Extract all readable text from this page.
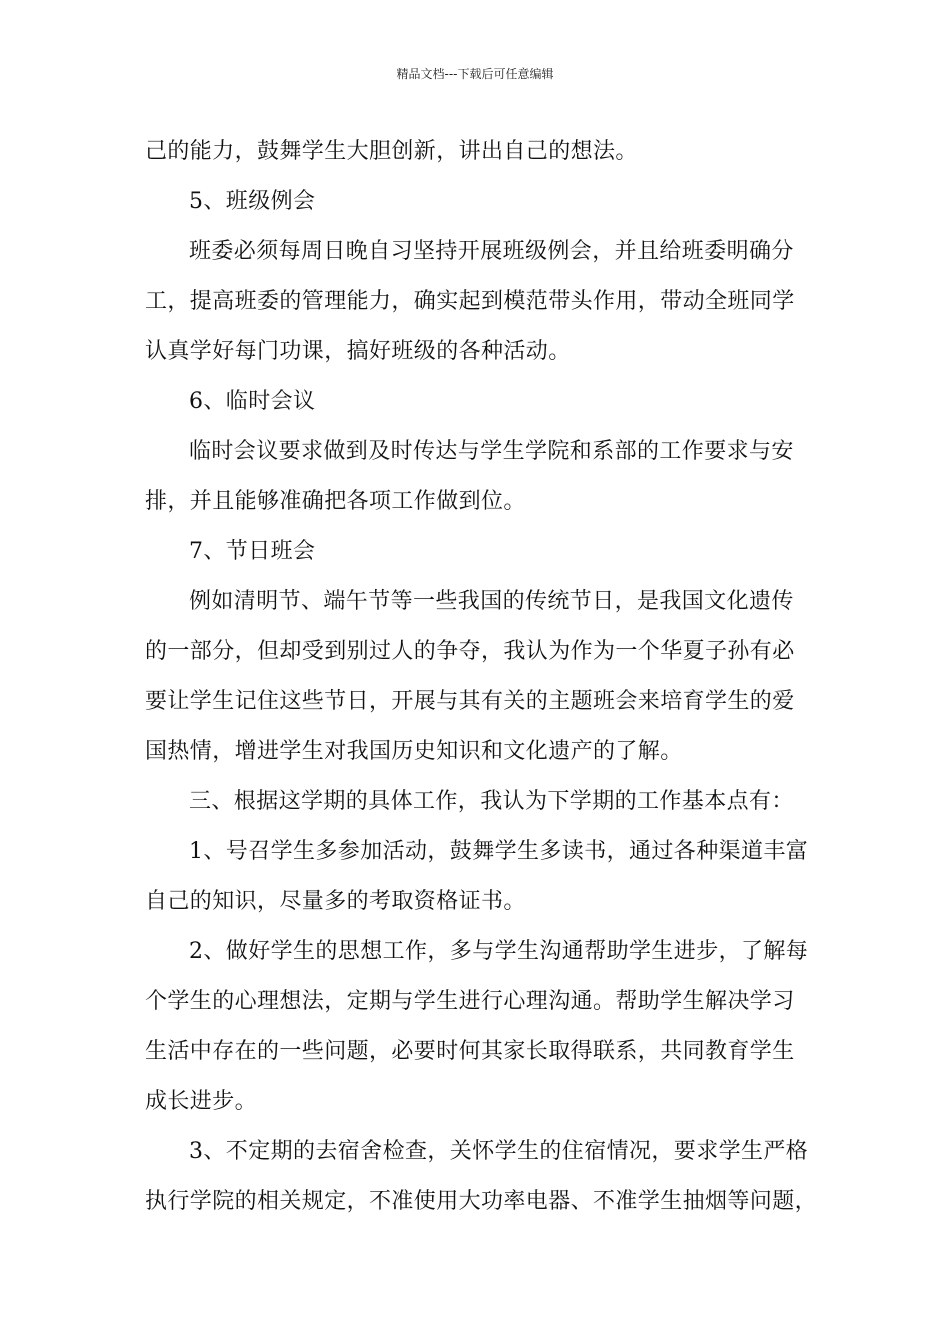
精品文档---下载后可任意编辑
己的能力，鼓舞学生大胆创新，讲出自己的想法。
5、班级例会
班委必须每周日晚自习坚持开展班级例会，并且给班委明确分
工，提高班委的管理能力，确实起到模范带头作用，带动全班同学
认真学好每门功课，搞好班级的各种活动。
6、临时会议
临时会议要求做到及时传达与学生学院和系部的工作要求与安
排，并且能够准确把各项工作做到位。
7、节日班会
例如清明节、端午节等一些我国的传统节日，是我国文化遗传
的一部分，但却受到别过人的争夺，我认为作为一个华夏子孙有必
要让学生记住这些节日，开展与其有关的主题班会来培育学生的爱
国热情，增进学生对我国历史知识和文化遗产的了解。
三、根据这学期的具体工作，我认为下学期的工作基本点有：
1、号召学生多参加活动，鼓舞学生多读书，通过各种渠道丰富
自己的知识，尽量多的考取资格证书。
2、做好学生的思想工作，多与学生沟通帮助学生进步，了解每
个学生的心理想法，定期与学生进行心理沟通。帮助学生解决学习
生活中存在的一些问题，必要时何其家长取得联系，共同教育学生
成长进步。
3、不定期的去宿舍检查，关怀学生的住宿情况，要求学生严格
执行学院的相关规定，不准使用大功率电器、不准学生抽烟等问题，
